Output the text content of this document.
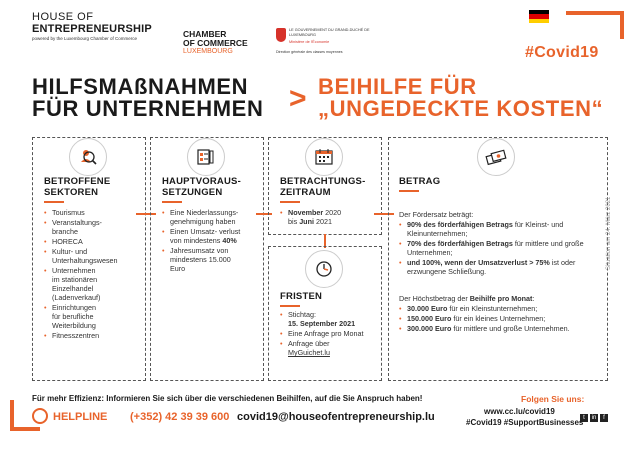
HOUSE OF
ENTREPRENEURSHIP
powered by the Luxembourg Chamber of Commerce	CHAMBER
OF COMMERCE
LUXEMBOURG
LE GOUVERNEMENT DU GRAND-DUCHÉ DE LUXEMBOURG
Ministère de l'Économie
Direction générale des classes moyennes	#Covid19
HILFSMAßNAHMEN
FÜR UNTERNEHMEN > BEIHILFE FÜR
„UNGEDECKTE KOSTEN“
BETROFFENE
SEKTOREN
• Tourismus
• Veranstaltungs-
branche
• HORECA
• Kultur- und
Unterhaltungswesen
• Unternehmen
im stationären
Einzelhandel
(Ladenverkauf)
• Einrichtungen
für berufliche
Weiterbildung
• Fitnesszentren
HAUPTVORAUS-
SETZUNGEN
• Eine Niederlassungs- genehmigung haben
• Einen Umsatz- verlust von mindestens 40%
• Jahresumsatz von mindestens 15.000 Euro
BETRACHTUNGS-
ZEITRAUM
• November 2020
bis Juni 2021
FRISTEN
• Stichtag:
15. September 2021
• Eine Anfrage pro Monat
• Anfrage über
MyGuichet.lu
BETRAG
Der Fördersatz beträgt:
• 90% des förderfähigen Betrags für Kleinst- und Kleinunternehmen;
• 70% des förderfähigen Betrags für mittlere und große Unternehmen;
• und 100%, wenn der Umsatzverlust > 75% ist oder erzwungene Schließung.
Der Höchstbetrag der Beihilfe pro Monat:
• 30.000 Euro für ein Kleinstunternehmen;
• 150.000 Euro für ein kleines Unternehmen;
• 300.000 Euro für mittlere und große Unternehmen.
Situation am 24. März 2021
Für mehr Effizienz: Informieren Sie sich über die verschiedenen Beihilfen, auf die Sie Anspruch haben!	Folgen Sie uns:
www.cc.lu/covid19
t in f
HELPLINE (+352) 42 39 39 600 covid19@houseofentrepreneurship.lu	#Covid19 #SupportBusinesses
